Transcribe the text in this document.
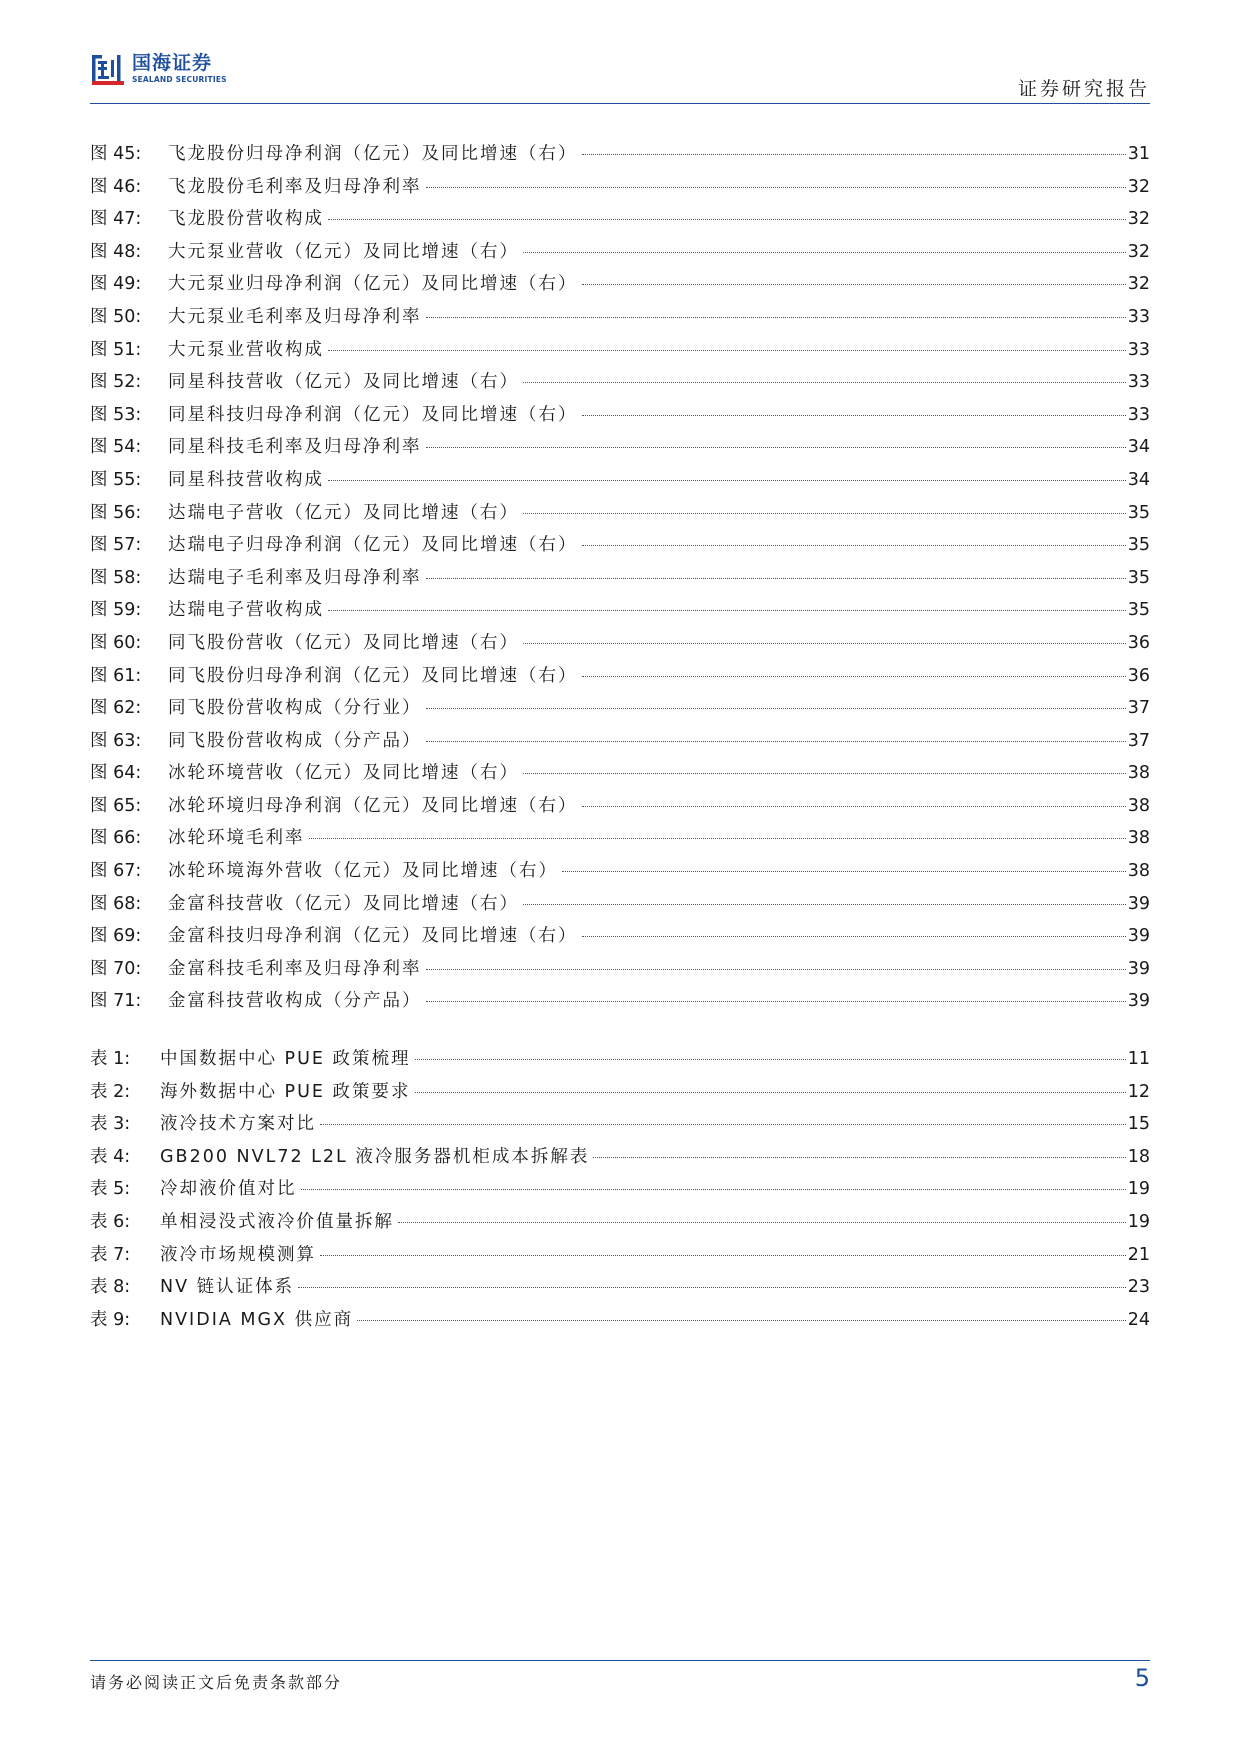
国海证券
SEALAND SECURITIES	证券研究报告
图 45:	飞龙股份归母净利润（亿元）及同比增速（右）	31
图 46:	飞龙股份毛利率及归母净利率	32
图 47:	飞龙股份营收构成	32
图 48:	大元泵业营收（亿元）及同比增速（右）	32
图 49:	大元泵业归母净利润（亿元）及同比增速（右）	32
图 50:	大元泵业毛利率及归母净利率	33
图 51:	大元泵业营收构成	33
图 52:	同星科技营收（亿元）及同比增速（右）	33
图 53:	同星科技归母净利润（亿元）及同比增速（右）	33
图 54:	同星科技毛利率及归母净利率	34
图 55:	同星科技营收构成	34
图 56:	达瑞电子营收（亿元）及同比增速（右）	35
图 57:	达瑞电子归母净利润（亿元）及同比增速（右）	35
图 58:	达瑞电子毛利率及归母净利率	35
图 59:	达瑞电子营收构成	35
图 60:	同飞股份营收（亿元）及同比增速（右）	36
图 61:	同飞股份归母净利润（亿元）及同比增速（右）	36
图 62:	同飞股份营收构成（分行业）	37
图 63:	同飞股份营收构成（分产品）	37
图 64:	冰轮环境营收（亿元）及同比增速（右）	38
图 65:	冰轮环境归母净利润（亿元）及同比增速（右）	38
图 66:	冰轮环境毛利率	38
图 67:	冰轮环境海外营收（亿元）及同比增速（右）	38
图 68:	金富科技营收（亿元）及同比增速（右）	39
图 69:	金富科技归母净利润（亿元）及同比增速（右）	39
图 70:	金富科技毛利率及归母净利率	39
图 71:	金富科技营收构成（分产品）	39
表 1:	中国数据中心 PUE 政策梳理	11
表 2:	海外数据中心 PUE 政策要求	12
表 3:	液冷技术方案对比	15
表 4:	GB200 NVL72 L2L 液冷服务器机柜成本拆解表	18
表 5:	冷却液价值对比	19
表 6:	单相浸没式液冷价值量拆解	19
表 7:	液冷市场规模测算	21
表 8:	NV 链认证体系	23
表 9:	NVIDIA MGX 供应商	24
请务必阅读正文后免责条款部分	5
